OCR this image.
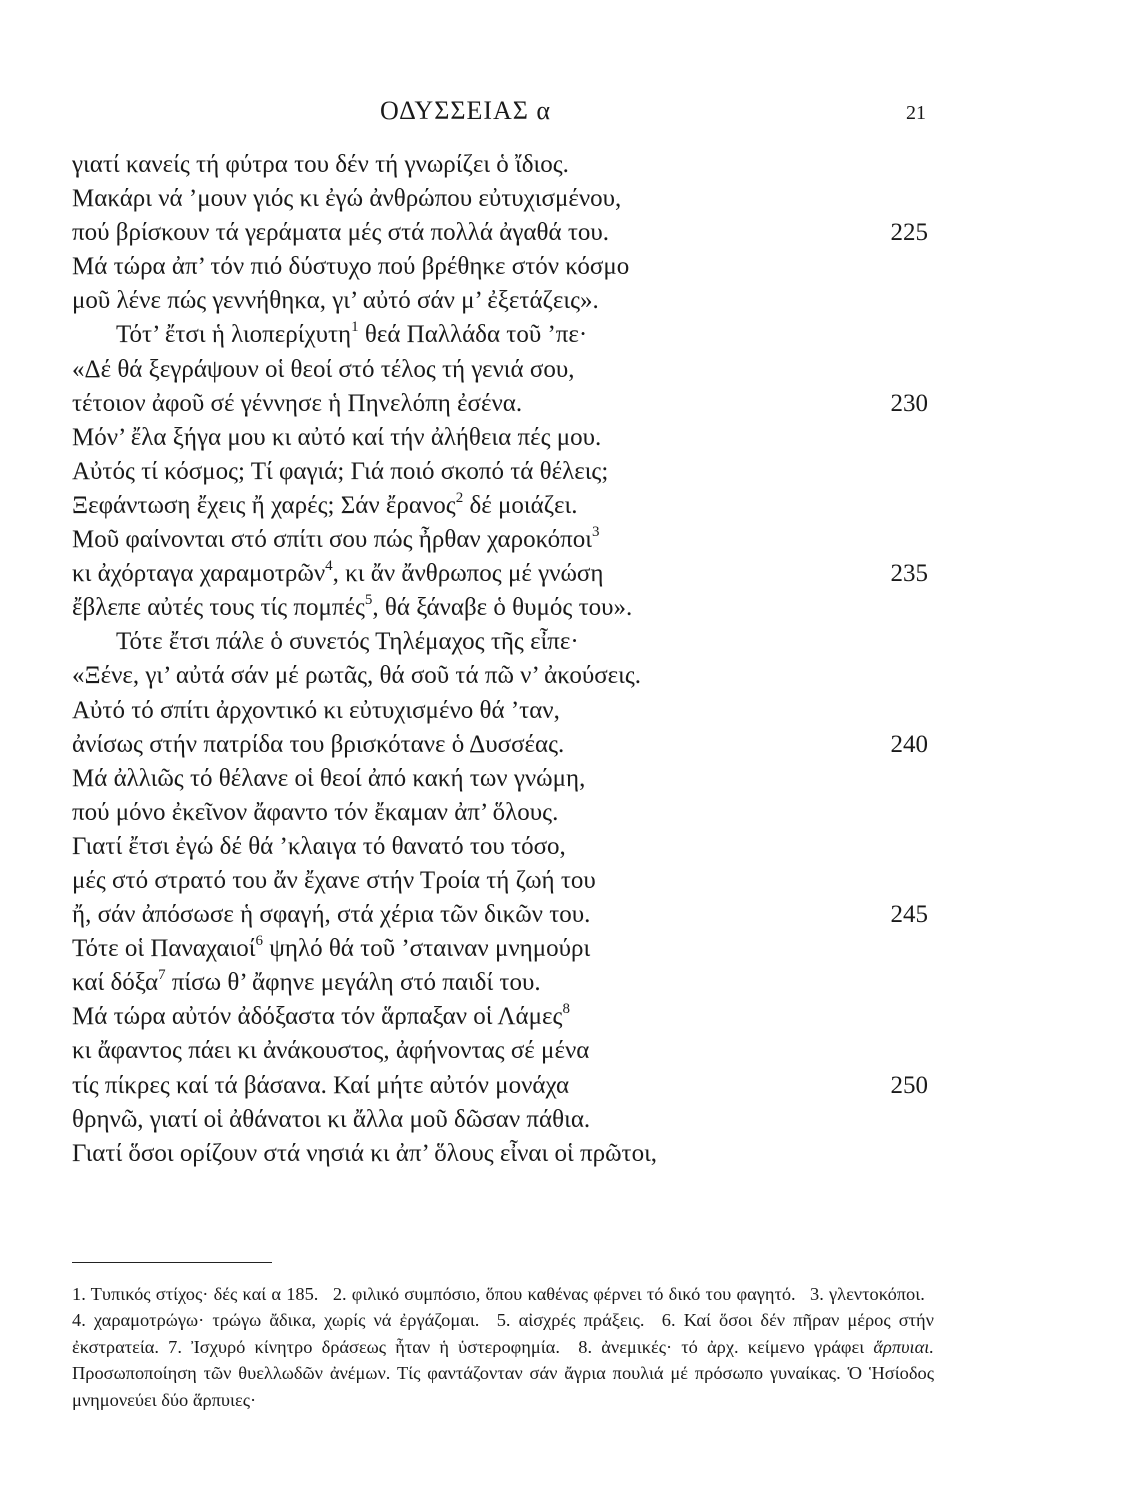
ΟΔΥΣΣΕΙΑΣ α	21
γιατί κανείς τή φύτρα του δέν τή γνωρίζει ὁ ἴδιος.
Μακάρι νά ’μουν γιός κι ἐγώ ἀνθρώπου εὐτυχισμένου,
πού βρίσκουν τά γεράματα μές στά πολλά ἀγαθά του.	225
Μά τώρα ἀπ’ τόν πιό δύστυχο πού βρέθηκε στόν κόσμο
μοῦ λένε πώς γεννήθηκα, γι’ αὐτό σάν μ’ ἐξετάζεις».
Τότ’ ἔτσι ἡ λιοπερίχυτη$^1$ θεά Παλλάδα τοῦ ’πε·
«Δέ θά ξεγράψουν οἱ θεοί στό τέλος τή γενιά σου,
τέτοιον ἀφοῦ σέ γέννησε ἡ Πηνελόπη ἐσένα.	230
Μόν’ ἔλα ξήγα μου κι αὐτό καί τήν ἀλήθεια πές μου.
Αὐτός τί κόσμος; Τί φαγιά; Γιά ποιό σκοπό τά θέλεις;
Ξεφάντωση ἔχεις ἤ χαρές; Σάν ἔρανος$^2$ δέ μοιάζει.
Μοῦ φαίνονται στό σπίτι σου πώς ἦρθαν χαροκόποι$^3$
κι ἀχόρταγα χαραμοτρῶν$^4$, κι ἄν ἄνθρωπος μέ γνώση	235
ἔβλεπε αὐτές τους τίς πομπές$^5$, θά ξάναβε ὁ θυμός του».
Τότε ἔτσι πάλε ὁ συνετός Τηλέμαχος τῆς εἶπε·
«Ξένε, γι’ αὐτά σάν μέ ρωτᾶς, θά σοῦ τά πῶ ν’ ἀκούσεις.
Αὐτό τό σπίτι ἀρχοντικό κι εὐτυχισμένο θά ’ταν,
ἀνίσως στήν πατρίδα του βρισκότανε ὁ Δυσσέας.	240
Μά ἀλλιῶς τό θέλανε οἱ θεοί ἀπό κακή των γνώμη,
πού μόνο ἐκεῖνον ἄφαντο τόν ἔκαμαν ἀπ’ ὅλους.
Γιατί ἔτσι ἐγώ δέ θά ’κλαιγα τό θανατό του τόσο,
μές στό στρατό του ἄν ἔχανε στήν Τροία τή ζωή του
ἤ, σάν ἀπόσωσε ἡ σφαγή, στά χέρια τῶν δικῶν του.	245
Τότε οἱ Παναχαιοί$^6$ ψηλό θά τοῦ ’σταιναν μνημούρι
καί δόξα$^7$ πίσω θ’ ἄφηνε μεγάλη στό παιδί του.
Μά τώρα αὐτόν ἀδόξαστα τόν ἅρπαξαν οἱ Λάμες$^8$
κι ἄφαντος πάει κι ἀνάκουστος, ἀφήνοντας σέ μένα
τίς πίκρες καί τά βάσανα. Καί μήτε αὐτόν μονάχα	250
θρηνῶ, γιατί οἱ ἀθάνατοι κι ἄλλα μοῦ δῶσαν πάθια.
Γιατί ὅσοι ορίζουν στά νησιά κι ἀπ’ ὅλους εἶναι οἱ πρῶτοι,
1. Τυπικός στίχος· δές καί α 185.  2. φιλικό συμπόσιο, ὅπου καθένας φέρνει τό δικό του φαγητό.  3. γλεντοκόποι.  4. χαραμοτρώγω· τρώγω ἄδικα, χωρίς νά ἐργάζομαι.  5. αἰσχρές πράξεις.  6. Καί ὅσοι δέν πῆραν μέρος στήν ἐκστρατεία. 7. Ἰσχυρό κίνητρο δράσεως ἦταν ἡ ὑστεροφημία.  8. ἀνεμικές· τό ἀρχ. κείμενο γράφει ἅρπυιαι. Προσωποποίηση τῶν θυελλωδῶν ἀνέμων. Τίς φαντάζονταν σάν ἄγρια πουλιά μέ πρόσωπο γυναίκας. Ὁ Ἡσίοδος μνημονεύει δύο ἅρπυιες·
